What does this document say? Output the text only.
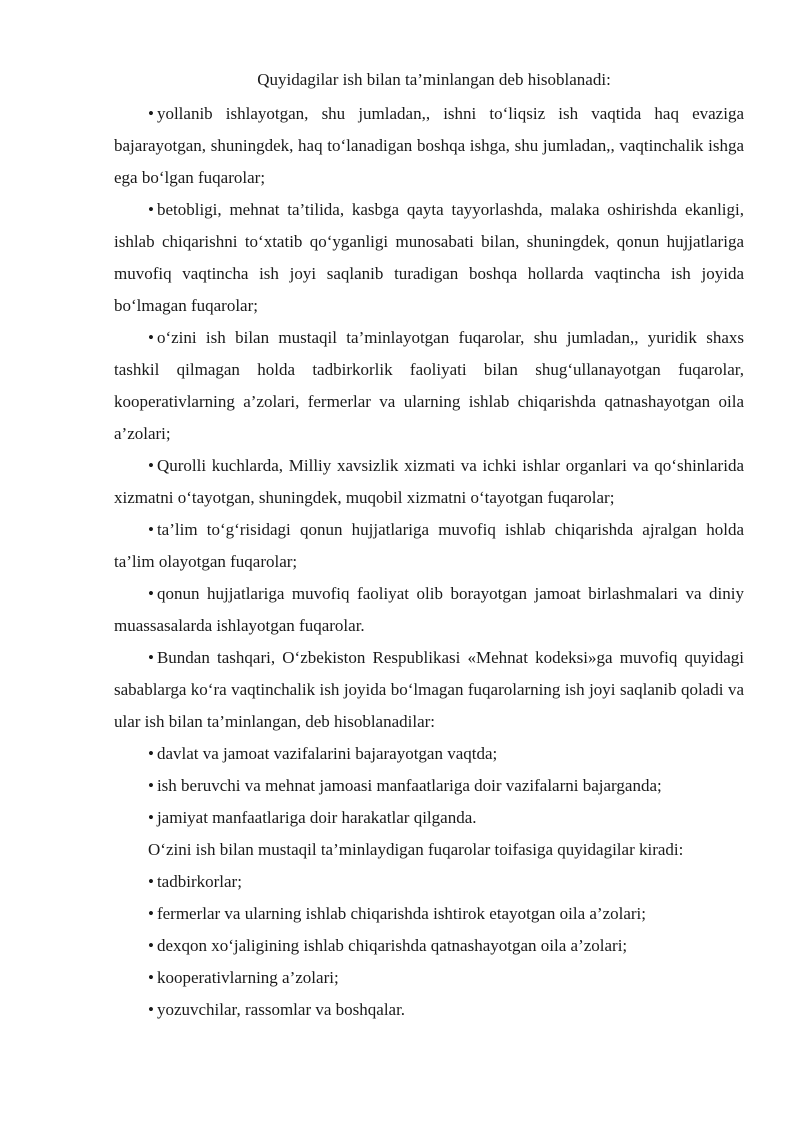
Quyidagilar ish bilan ta’minlangan deb hisoblanadi:

• yollanib ishlayotgan, shu jumladan,, ishni to‘liqsiz ish vaqtida haq evaziga bajarayotgan, shuningdek, haq to‘lanadigan boshqa ishga, shu jumladan,, vaqtinchalik ishga ega bo‘lgan fuqarolar;

• betobligi, mehnat ta’tilida, kasbga qayta tayyorlashda, malaka oshirishda ekanligi, ishlab chiqarishni to‘xtatib qo‘yganligi munosabati bilan, shuningdek, qonun hujjatlariga muvofiq vaqtincha ish joyi saqlanib turadigan boshqa hollarda vaqtincha ish joyida bo‘lmagan fuqarolar;

• o‘zini ish bilan mustaqil ta’minlayotgan fuqarolar, shu jumladan,, yuridik shaxs tashkil qilmagan holda tadbirkorlik faoliyati bilan shug‘ullanayotgan fuqarolar, kooperativlarning a’zolari, fermerlar va ularning ishlab chiqarishda qatnashayotgan oila a’zolari;

• Qurolli kuchlarda, Milliy xavsizlik xizmati va ichki ishlar organlari va qo‘shinlarida xizmatni o‘tayotgan, shuningdek, muqobil xizmatni o‘tayotgan fuqarolar;

• ta’lim to‘g‘risidagi qonun hujjatlariga muvofiq ishlab chiqarishda ajralgan holda ta’lim olayotgan fuqarolar;

• qonun hujjatlariga muvofiq faoliyat olib borayotgan jamoat birlashmalari va diniy muassasalarda ishlayotgan fuqarolar.

• Bundan tashqari, O‘zbekiston Respublikasi «Mehnat kodeksi»ga muvofiq quyidagi sabablarga ko‘ra vaqtinchalik ish joyida bo‘lmagan fuqarolarning ish joyi saqlanib qoladi va ular ish bilan ta’minlangan, deb hisoblanadilar:

• davlat va jamoat vazifalarini bajarayotgan vaqtda;

• ish beruvchi va mehnat jamoasi manfaatlariga doir vazifalarni bajarganda;

• jamiyat manfaatlariga doir harakatlar qilganda.

O‘zini ish bilan mustaqil ta’minlaydigan fuqarolar toifasiga quyidagilar kiradi:

• tadbirkorlar;

• fermerlar va ularning ishlab chiqarishda ishtirok etayotgan oila a’zolari;

• dexqon xo‘jaligining ishlab chiqarishda qatnashayotgan oila a’zolari;

• kooperativlarning a’zolari;

• yozuvchilar, rassomlar va boshqalar.
